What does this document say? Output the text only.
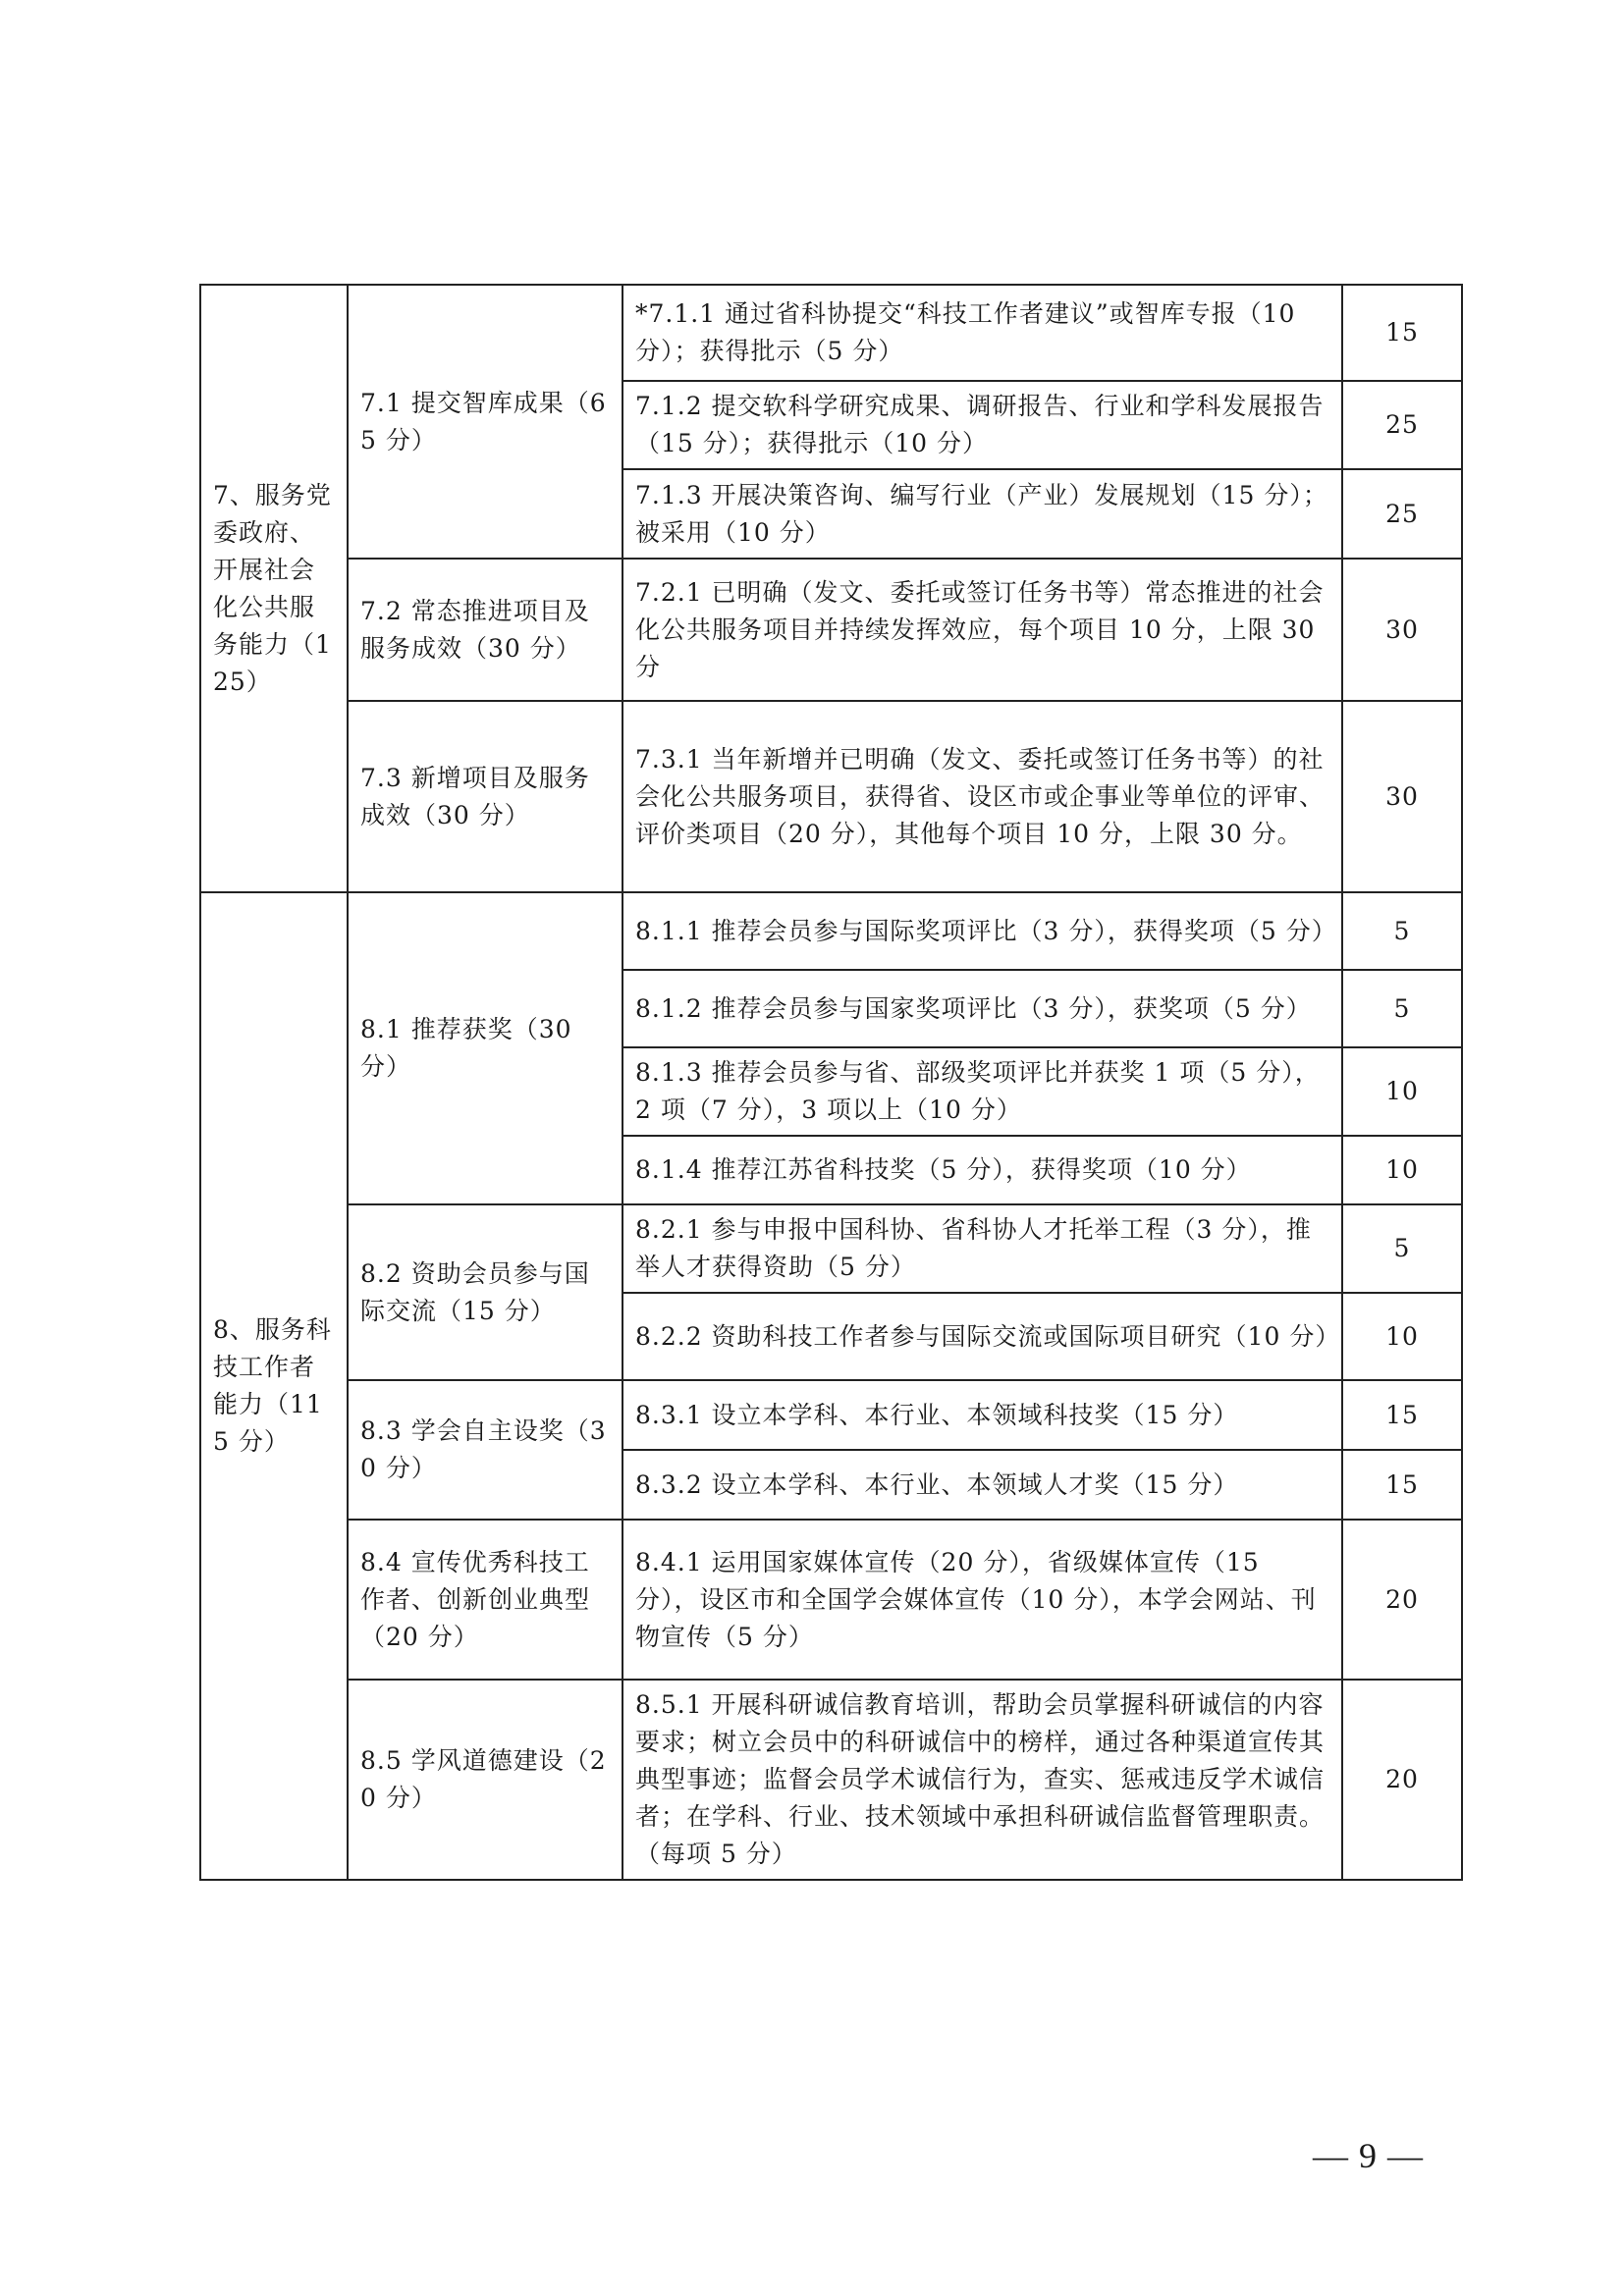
7、服务党委政府、开展社会化公共服务能力（125）	7.1 提交智库成果（65 分）	*7.1.1 通过省科协提交“科技工作者建议”或智库专报（10 分）；获得批示（5 分）	15
		7.1.2 提交软科学研究成果、调研报告、行业和学科发展报告（15 分）；获得批示（10 分）	25
		7.1.3 开展决策咨询、编写行业（产业）发展规划（15 分）；被采用（10 分）	25
	7.2 常态推进项目及服务成效（30 分）	7.2.1 已明确（发文、委托或签订任务书等）常态推进的社会化公共服务项目并持续发挥效应，每个项目 10 分，上限 30 分	30
	7.3 新增项目及服务成效（30 分）	7.3.1 当年新增并已明确（发文、委托或签订任务书等）的社会化公共服务项目，获得省、设区市或企事业等单位的评审、评价类项目（20 分），其他每个项目 10 分，上限 30 分。	30
8、服务科技工作者能力（115 分）	8.1 推荐获奖（30 分）	8.1.1 推荐会员参与国际奖项评比（3 分），获得奖项（5 分）	5
		8.1.2 推荐会员参与国家奖项评比（3 分），获奖项（5 分）	5
		8.1.3 推荐会员参与省、部级奖项评比并获奖 1 项（5 分），2 项（7 分），3 项以上（10 分）	10
		8.1.4 推荐江苏省科技奖（5 分），获得奖项（10 分）	10
	8.2 资助会员参与国际交流（15 分）	8.2.1 参与申报中国科协、省科协人才托举工程（3 分），推举人才获得资助（5 分）	5
		8.2.2 资助科技工作者参与国际交流或国际项目研究（10 分）	10
	8.3 学会自主设奖（30 分）	8.3.1 设立本学科、本行业、本领域科技奖（15 分）	15
		8.3.2 设立本学科、本行业、本领域人才奖（15 分）	15
	8.4 宣传优秀科技工作者、创新创业典型（20 分）	8.4.1 运用国家媒体宣传（20 分），省级媒体宣传（15 分），设区市和全国学会媒体宣传（10 分），本学会网站、刊物宣传（5 分）	20
	8.5 学风道德建设（20 分）	8.5.1 开展科研诚信教育培训，帮助会员掌握科研诚信的内容要求；树立会员中的科研诚信中的榜样，通过各种渠道宣传其典型事迹；监督会员学术诚信行为，查实、惩戒违反学术诚信者；在学科、行业、技术领域中承担科研诚信监督管理职责。（每项 5 分）	20
— 9 —
